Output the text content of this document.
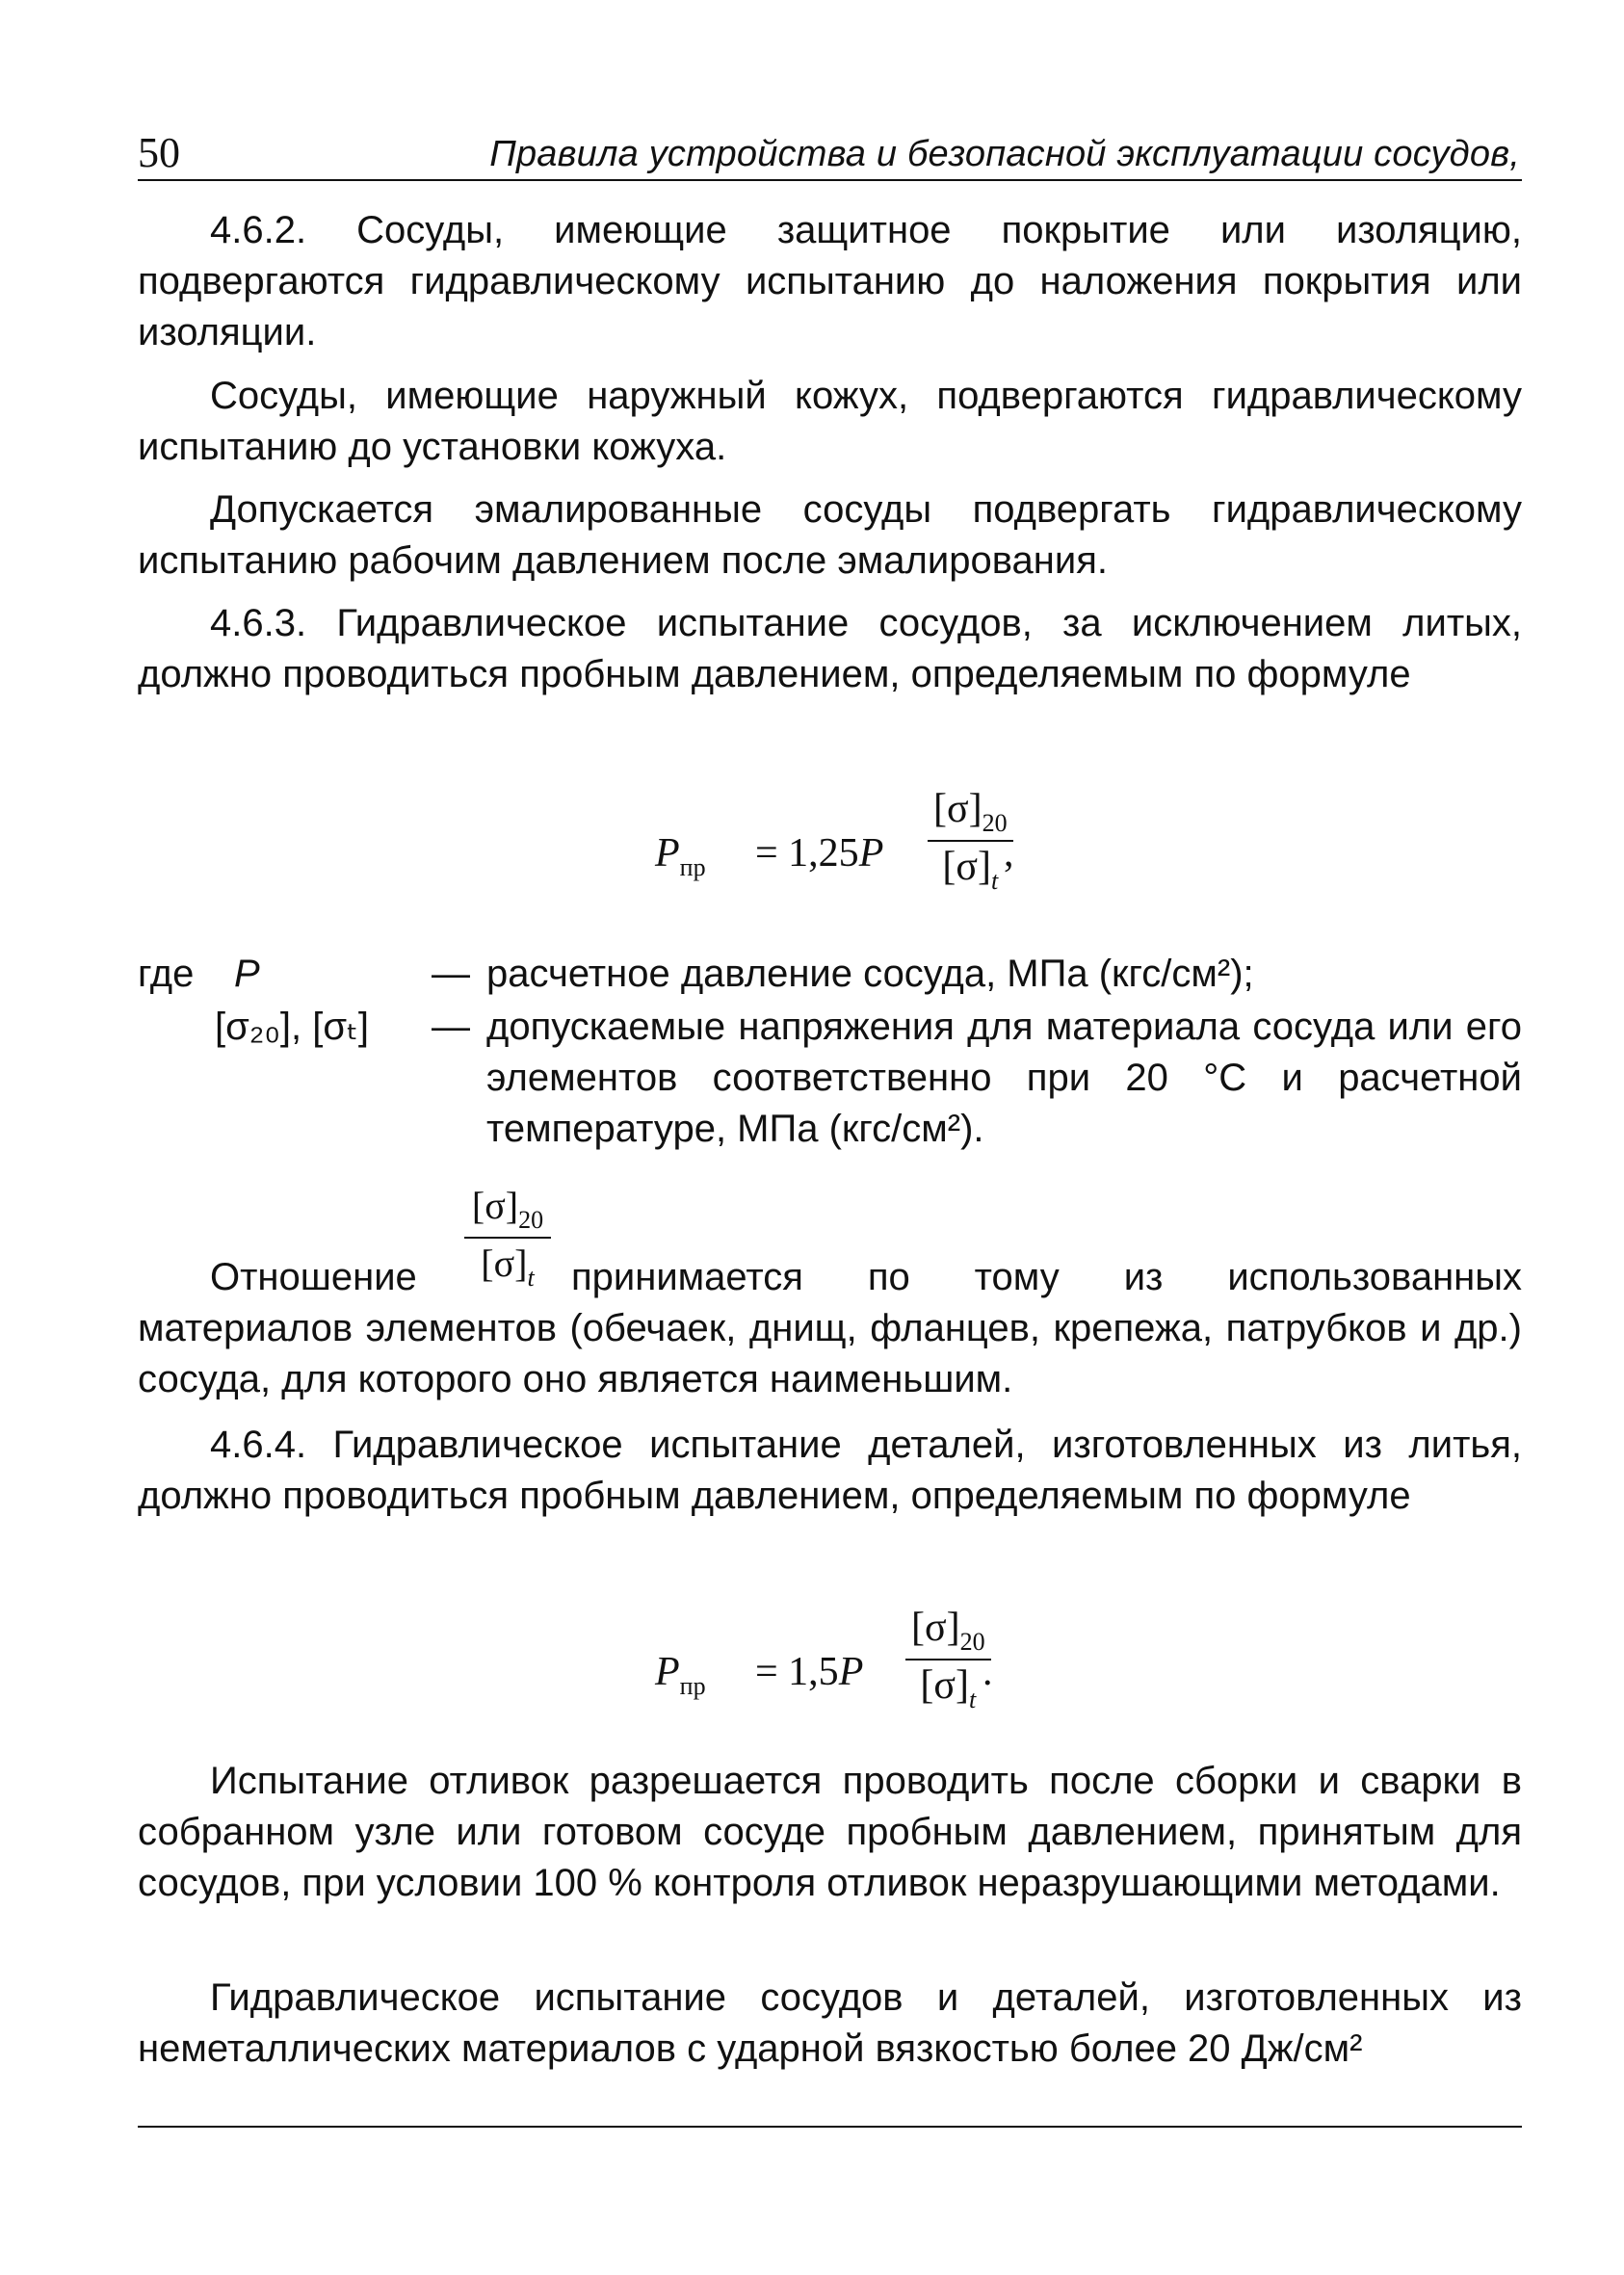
50	Правила устройства и безопасной эксплуатации сосудов,

4.6.2. Сосуды, имеющие защитное покрытие или изоляцию, подвергаются гидравлическому испытанию до наложения покрытия или изоляции.

Сосуды, имеющие наружный кожух, подвергаются гидравлическому испытанию до установки кожуха.

Допускается эмалированные сосуды подвергать гидравлическому испытанию рабочим давлением после эмалирования.

4.6.3. Гидравлическое испытание сосудов, за исключением литых, должно проводиться пробным давлением, определяемым по формуле

$P_{пр} = 1,25P \frac{[\sigma]_{20}}{[\sigma]_t}$
,
где P	— расчетное давление сосуда, МПа (кгс/см²);
[σ₂₀], [σₜ] — допускаемые напряжения для материала сосуда или его элементов соответственно при 20 °С и расчетной температуре, МПа (кгс/см²).
$\frac{[\sigma]_{20}}{[\sigma]_t}$
Отношение	принимается по тому из использованных материалов элементов (обечаек, днищ, фланцев, крепежа, патрубков и др.) сосуда, для которого оно является наименьшим.

4.6.4. Гидравлическое испытание деталей, изготовленных из литья, должно проводиться пробным давлением, определяемым по формуле

$P_{пр} = 1,5P \frac{[\sigma]_{20}}{[\sigma]_t}$
.

Испытание отливок разрешается проводить после сборки и сварки в собранном узле или готовом сосуде пробным давлением, принятым для сосудов, при условии 100 % контроля отливок неразрушающими методами.

Гидравлическое испытание сосудов и деталей, изготовленных из неметаллических материалов с ударной вязкостью более 20 Дж/см²
